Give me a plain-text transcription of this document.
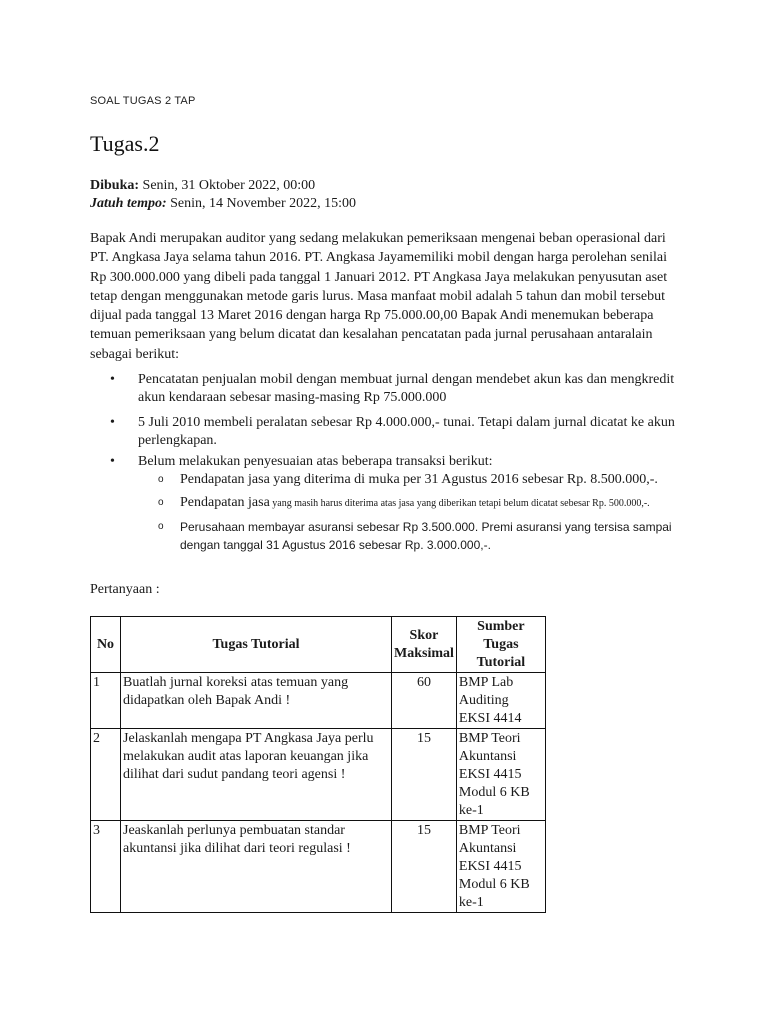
SOAL TUGAS 2 TAP
Tugas.2
Dibuka: Senin, 31 Oktober 2022, 00:00
Jatuh tempo: Senin, 14 November 2022, 15:00

Bapak Andi merupakan auditor yang sedang melakukan pemeriksaan mengenai beban operasional dari PT. Angkasa Jaya selama tahun 2016. PT. Angkasa Jayamemiliki mobil dengan harga perolehan senilai Rp 300.000.000 yang dibeli pada tanggal 1 Januari 2012. PT Angkasa Jaya melakukan penyusutan aset tetap dengan menggunakan metode garis lurus. Masa manfaat mobil adalah 5 tahun dan mobil tersebut dijual pada tanggal 13 Maret 2016 dengan harga Rp 75.000.00,00 Bapak Andi menemukan beberapa temuan pemeriksaan yang belum dicatat dan kesalahan pencatatan pada jurnal perusahaan antaralain sebagai berikut:

• Pencatatan penjualan mobil dengan membuat jurnal dengan mendebet akun kas dan mengkredit akun kendaraan sebesar masing-masing Rp 75.000.000
• 5 Juli 2010 membeli peralatan sebesar Rp 4.000.000,- tunai. Tetapi dalam jurnal dicatat ke akun perlengkapan.
• Belum melakukan penyesuaian atas beberapa transaksi berikut:
o Pendapatan jasa yang diterima di muka per 31 Agustus 2016 sebesar Rp. 8.500.000,-.
o Pendapatan jasa yang masih harus diterima atas jasa yang diberikan tetapi belum dicatat sebesar Rp. 500.000,-.
o Perusahaan membayar asuransi sebesar Rp 3.500.000. Premi asuransi yang tersisa sampai dengan tanggal 31 Agustus 2016 sebesar Rp. 3.000.000,-.
Pertanyaan :
No	Tugas Tutorial	Skor Maksimal	Sumber Tugas Tutorial
1	Buatlah jurnal koreksi atas temuan yang didapatkan oleh Bapak Andi !	60	BMP Lab Auditing EKSI 4414
2	Jelaskanlah mengapa PT Angkasa Jaya perlu melakukan audit atas laporan keuangan jika dilihat dari sudut pandang teori agensi !	15	BMP Teori Akuntansi EKSI 4415 Modul 6 KB ke-1
3	Jeaskanlah perlunya pembuatan standar akuntansi jika dilihat dari teori regulasi !	15	BMP Teori Akuntansi EKSI 4415 Modul 6 KB ke-1
